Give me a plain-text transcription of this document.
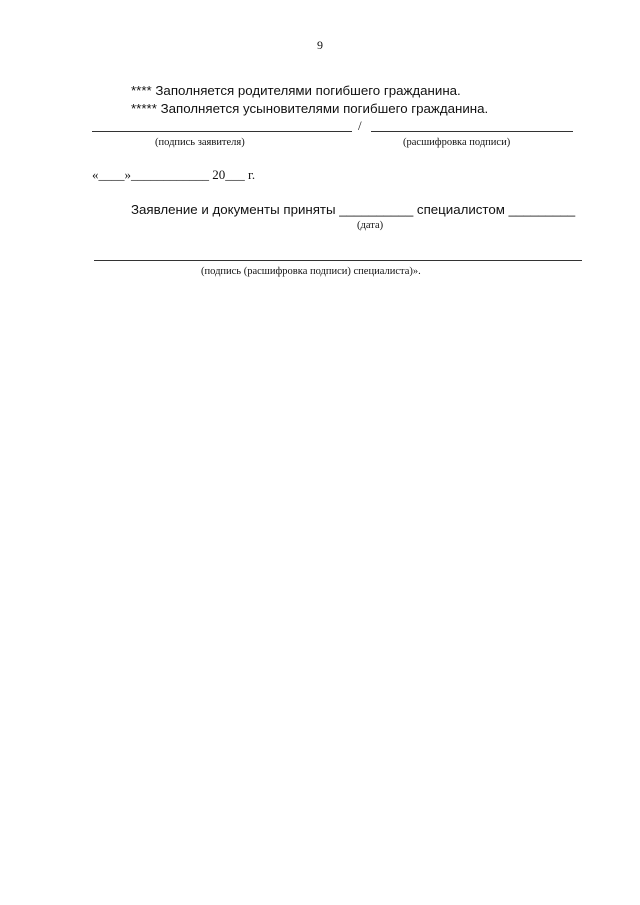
9
**** Заполняется родителями погибшего гражданина.
***** Заполняется усыновителями погибшего гражданина.
/
(подпись заявителя)	(расшифровка подписи)
«____»____________ 20___ г.
Заявление и документы приняты __________ специалистом _________
(дата)
(подпись (расшифровка подписи) специалиста)».
